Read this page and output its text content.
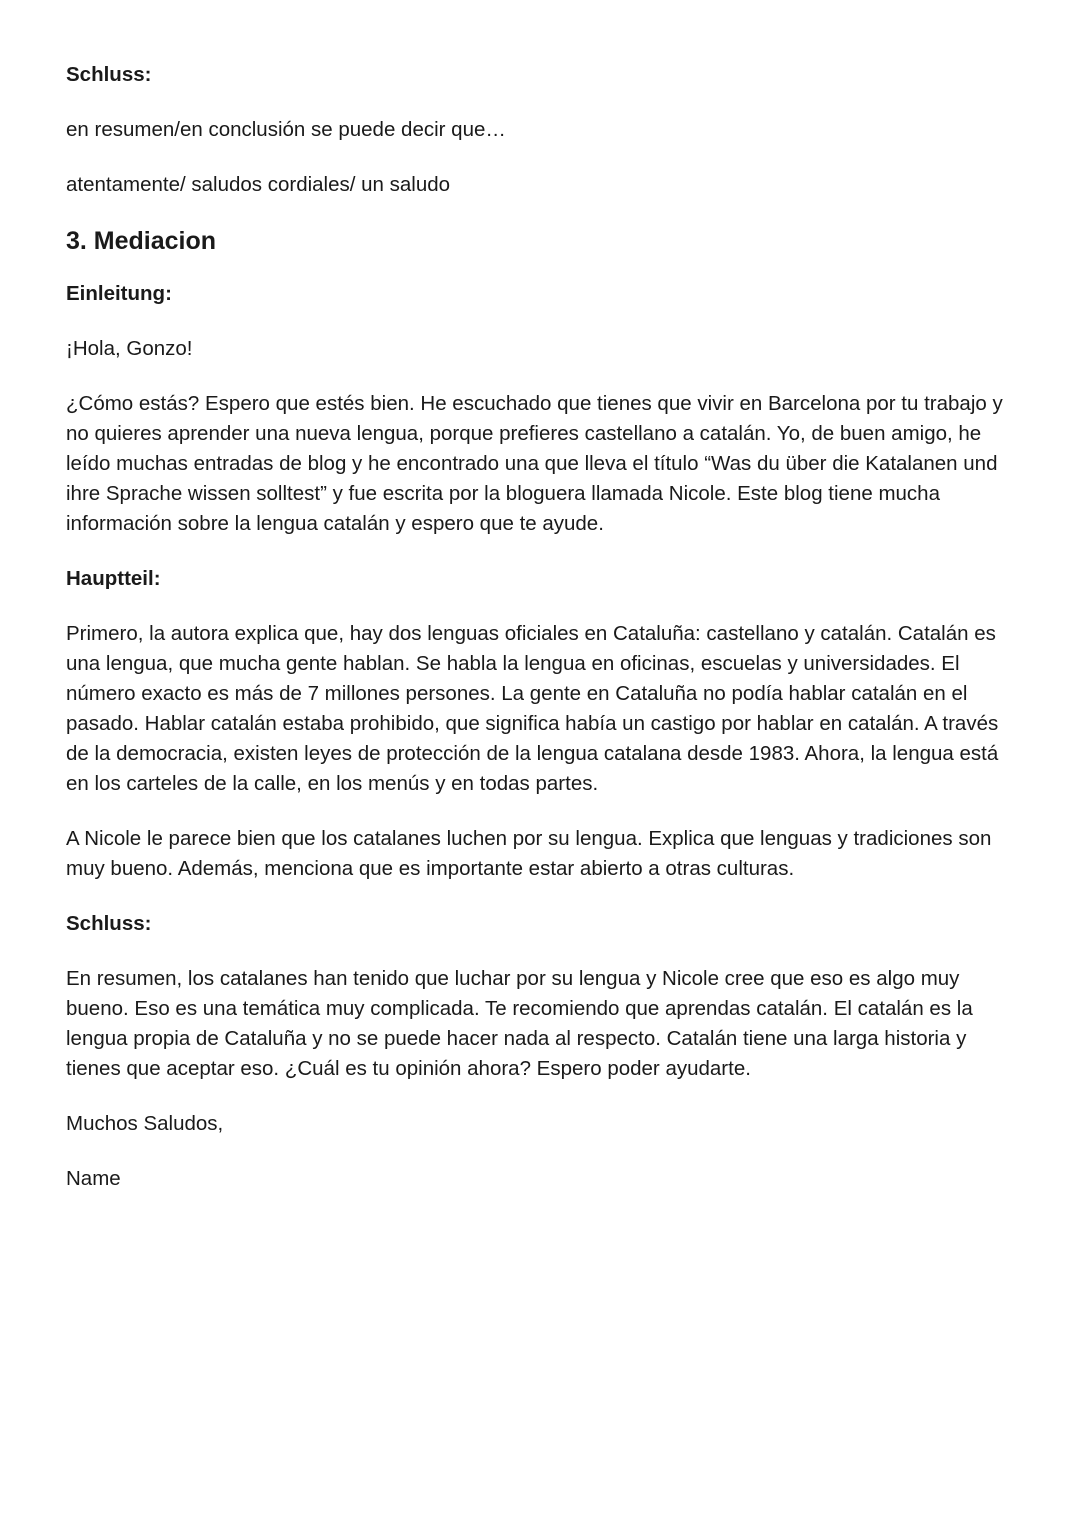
Schluss:
en resumen/en conclusión se puede decir que…
atentamente/ saludos cordiales/ un saludo
3. Mediacion
Einleitung:
¡Hola, Gonzo!
¿Cómo estás? Espero que estés bien. He escuchado que tienes que vivir en Barcelona por tu trabajo y no quieres aprender una nueva lengua, porque prefieres castellano a catalán. Yo, de buen amigo, he leído muchas entradas de blog y he encontrado una que lleva el título “Was du über die Katalanen und ihre Sprache wissen solltest” y fue escrita por la bloguera llamada Nicole. Este blog tiene mucha información sobre la lengua catalán y espero que te ayude.
Hauptteil:
Primero, la autora explica que, hay dos lenguas oficiales en Cataluña: castellano y catalán. Catalán es una lengua, que mucha gente hablan. Se habla la lengua en oficinas, escuelas y universidades. El número exacto es más de 7 millones persones. La gente en Cataluña no podía hablar catalán en el pasado. Hablar catalán estaba prohibido, que significa había un castigo por hablar en catalán. A través de la democracia, existen leyes de protección de la lengua catalana desde 1983. Ahora, la lengua está en los carteles de la calle, en los menús y en todas partes.
A Nicole le parece bien que los catalanes luchen por su lengua. Explica que lenguas y tradiciones son muy bueno. Además, menciona que es importante estar abierto a otras culturas.
Schluss:
En resumen, los catalanes han tenido que luchar por su lengua y Nicole cree que eso es algo muy bueno. Eso es una temática muy complicada. Te recomiendo que aprendas catalán. El catalán es la lengua propia de Cataluña y no se puede hacer nada al respecto. Catalán tiene una larga historia y tienes que aceptar eso. ¿Cuál es tu opinión ahora? Espero poder ayudarte.
Muchos Saludos,
Name
